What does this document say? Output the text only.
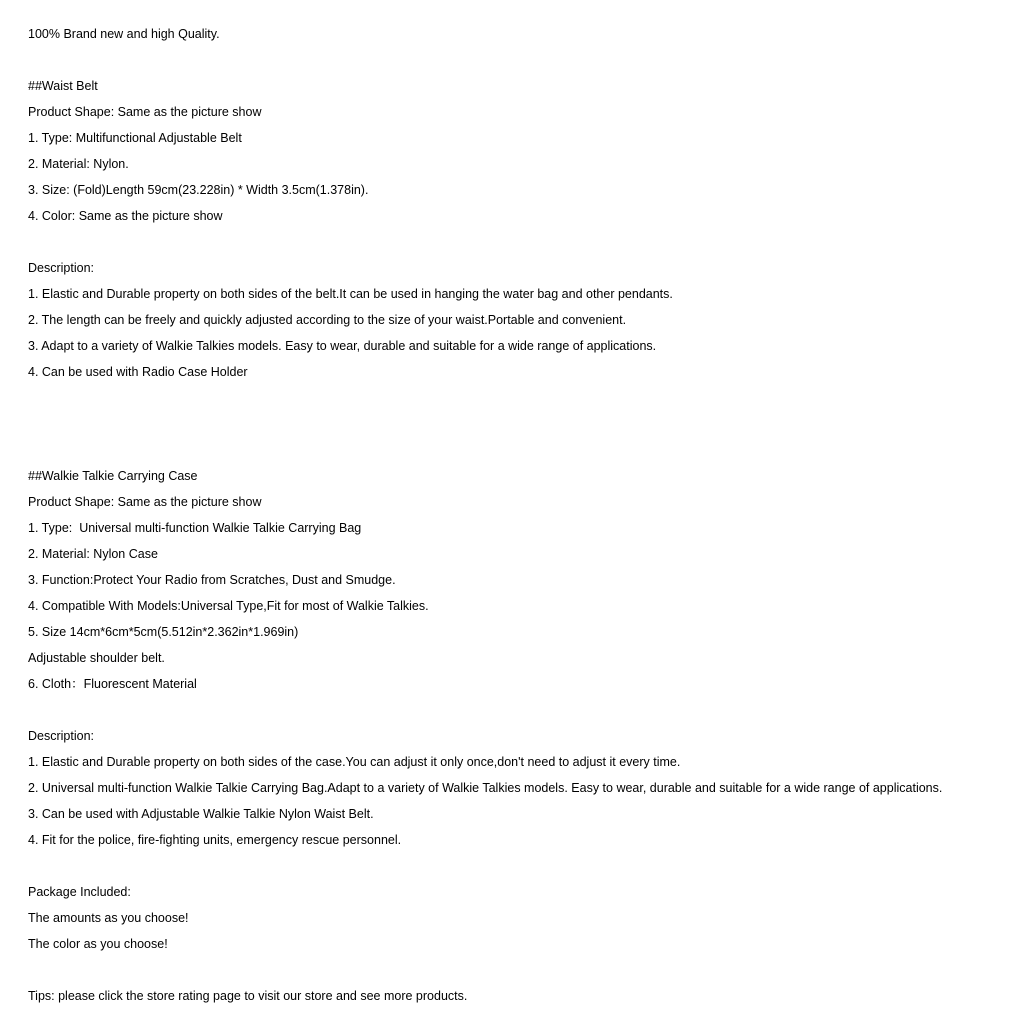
100% Brand new and high Quality.
##Waist Belt
Product Shape: Same as the picture show
1. Type: Multifunctional Adjustable Belt
2. Material: Nylon.
3. Size: (Fold)Length 59cm(23.228in) * Width 3.5cm(1.378in).
4. Color: Same as the picture show
Description:
1. Elastic and Durable property on both sides of the belt.It can be used in hanging the water bag and other pendants.
2. The length can be freely and quickly adjusted according to the size of your waist.Portable and convenient.
3. Adapt to a variety of Walkie Talkies models. Easy to wear, durable and suitable for a wide range of applications.
4. Can be used with Radio Case Holder
##Walkie Talkie Carrying Case
Product Shape: Same as the picture show
1. Type:  Universal multi-function Walkie Talkie Carrying Bag
2. Material: Nylon Case
3. Function:Protect Your Radio from Scratches, Dust and Smudge.
4. Compatible With Models:Universal Type,Fit for most of Walkie Talkies.
5. Size 14cm*6cm*5cm(5.512in*2.362in*1.969in)
Adjustable shoulder belt.
6. Cloth：Fluorescent Material
Description:
1. Elastic and Durable property on both sides of the case.You can adjust it only once,don't need to adjust it every time.
2. Universal multi-function Walkie Talkie Carrying Bag.Adapt to a variety of Walkie Talkies models. Easy to wear, durable and suitable for a wide range of applications.
3. Can be used with Adjustable Walkie Talkie Nylon Waist Belt.
4. Fit for the police, fire-fighting units, emergency rescue personnel.
Package Included:
The amounts as you choose!
The color as you choose!
Tips: please click the store rating page to visit our store and see more products.
